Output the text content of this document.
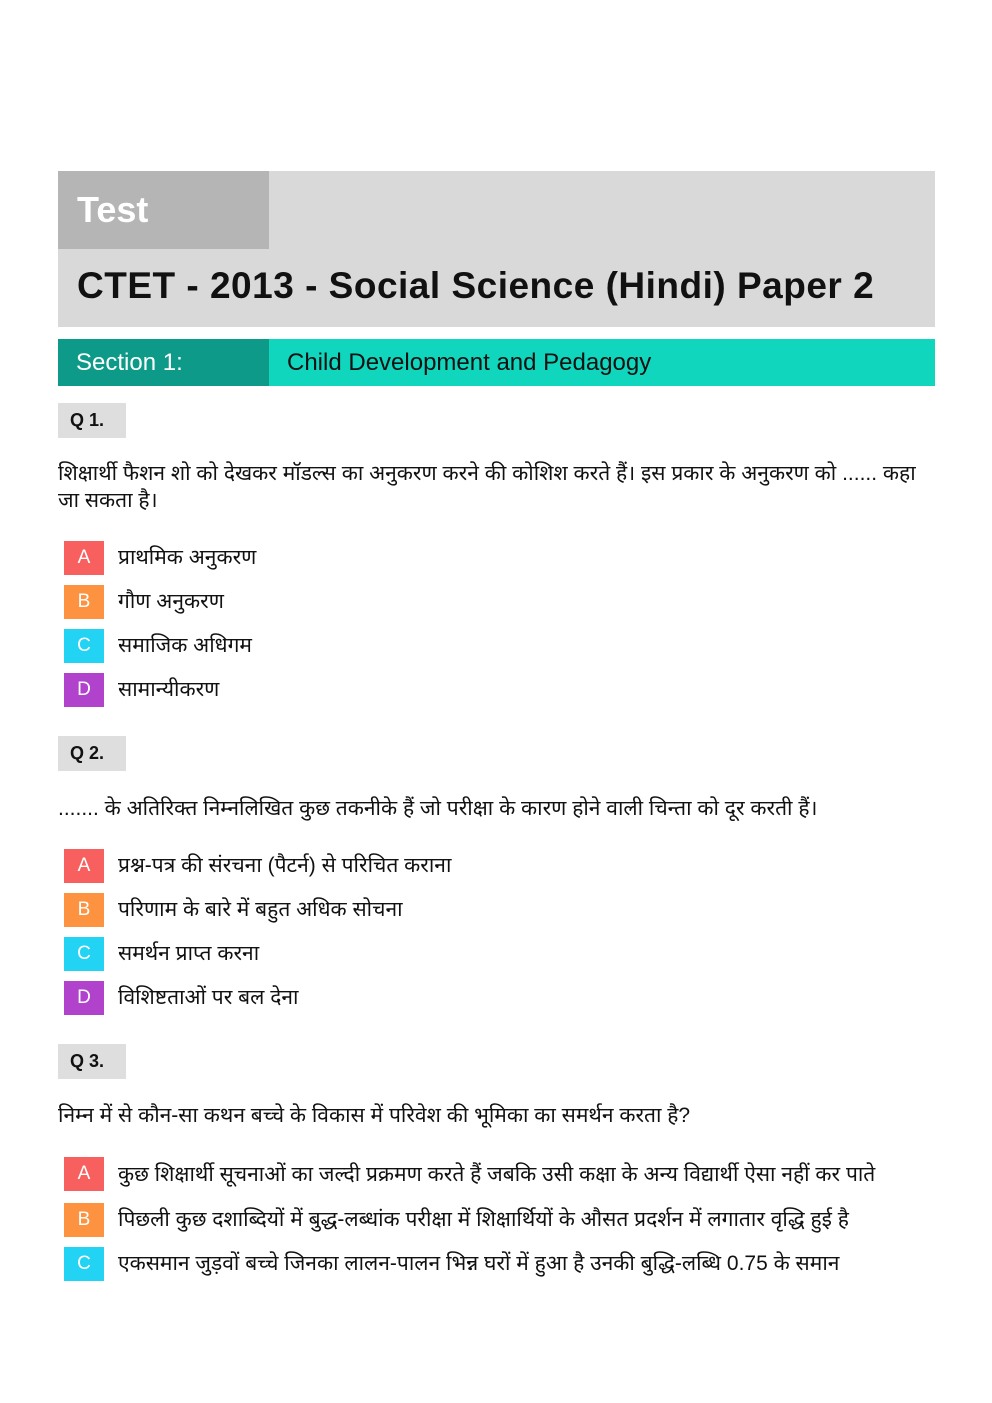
Test
CTET - 2013 - Social Science (Hindi) Paper 2
Section 1:	Child Development and Pedagogy
Q 1.
शिक्षार्थी फैशन शो को देखकर मॉडल्स का अनुकरण करने की कोशिश करते हैं। इस प्रकार के अनुकरण को ...... कहा जा सकता है।
A	प्राथमिक अनुकरण
B	गौण अनुकरण
C	समाजिक अधिगम
D	सामान्यीकरण
Q 2.
....... के अतिरिक्त निम्नलिखित कुछ तकनीके हैं जो परीक्षा के कारण होने वाली चिन्ता को दूर करती हैं।
A	प्रश्न-पत्र की संरचना (पैटर्न) से परिचित कराना
B	परिणाम के बारे में बहुत अधिक सोचना
C	समर्थन प्राप्त करना
D	विशिष्टताओं पर बल देना
Q 3.
निम्न में से कौन-सा कथन बच्चे के विकास में परिवेश की भूमिका का समर्थन करता है?
A	कुछ शिक्षार्थी सूचनाओं का जल्दी प्रक्रमण करते हैं जबकि उसी कक्षा के अन्य विद्यार्थी ऐसा नहीं कर पाते
B	पिछली कुछ दशाब्दियों में बुद्ध-लब्धांक परीक्षा में शिक्षार्थियों के औसत प्रदर्शन में लगातार वृद्धि हुई है
C	एकसमान जुड़वों बच्चे जिनका लालन-पालन भिन्न घरों में हुआ है उनकी बुद्धि-लब्धि 0.75 के समान
